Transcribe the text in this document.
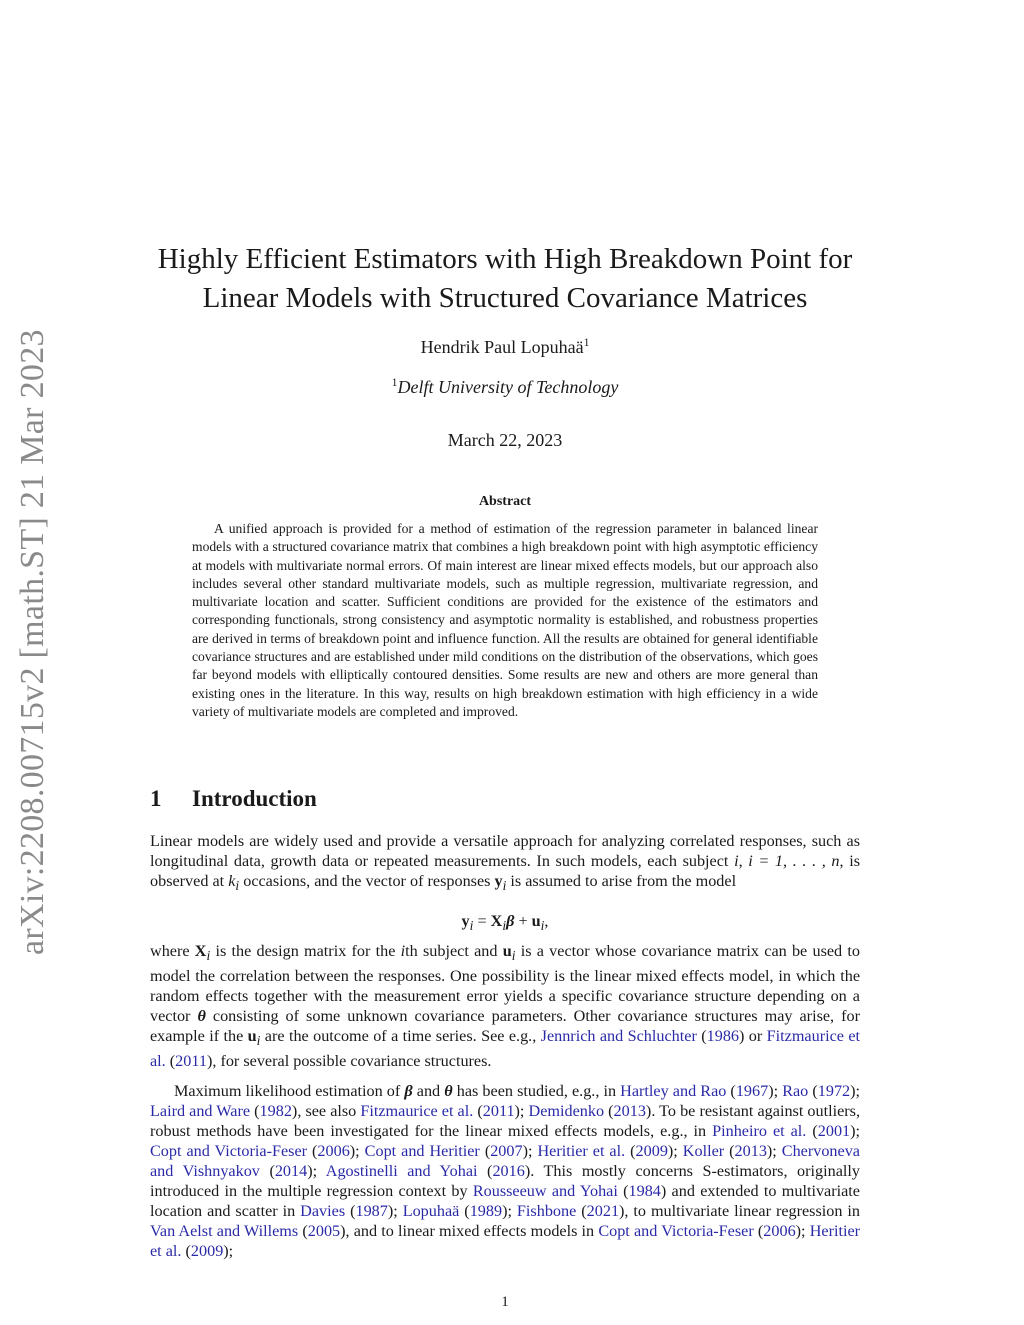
arXiv:2208.00715v2 [math.ST] 21 Mar 2023
Highly Efficient Estimators with High Breakdown Point for
Linear Models with Structured Covariance Matrices
Hendrik Paul Lopuhaä$^1$
$^1$Delft University of Technology
March 22, 2023
Abstract
A unified approach is provided for a method of estimation of the regression parameter in balanced linear models with a structured covariance matrix that combines a high breakdown point with high asymptotic efficiency at models with multivariate normal errors. Of main interest are linear mixed effects models, but our approach also includes several other standard multivariate models, such as multiple regression, multivariate regression, and multivariate location and scatter. Sufficient conditions are provided for the existence of the estimators and corresponding functionals, strong consistency and asymptotic normality is established, and robustness properties are derived in terms of breakdown point and influence function. All the results are obtained for general identifiable covariance structures and are established under mild conditions on the distribution of the observations, which goes far beyond models with elliptically contoured densities. Some results are new and others are more general than existing ones in the literature. In this way, results on high breakdown estimation with high efficiency in a wide variety of multivariate models are completed and improved.
1 Introduction
Linear models are widely used and provide a versatile approach for analyzing correlated responses, such as longitudinal data, growth data or repeated measurements. In such models, each subject i, i = 1, . . . , n, is observed at $k_i$ occasions, and the vector of responses $y_i$ is assumed to arise from the model
$y_i = X_i\beta + u_i$,
where $X_i$ is the design matrix for the ith subject and $u_i$ is a vector whose covariance matrix can be used to model the correlation between the responses. One possibility is the linear mixed effects model, in which the random effects together with the measurement error yields a specific covariance structure depending on a vector θ consisting of some unknown covariance parameters. Other covariance structures may arise, for example if the $u_i$ are the outcome of a time series. See e.g., Jennrich and Schluchter (1986) or Fitzmaurice et al. (2011), for several possible covariance structures.
Maximum likelihood estimation of β and θ has been studied, e.g., in Hartley and Rao (1967); Rao (1972); Laird and Ware (1982), see also Fitzmaurice et al. (2011); Demidenko (2013). To be resistant against outliers, robust methods have been investigated for the linear mixed effects models, e.g., in Pinheiro et al. (2001); Copt and Victoria-Feser (2006); Copt and Heritier (2007); Heritier et al. (2009); Koller (2013); Chervoneva and Vishnyakov (2014); Agostinelli and Yohai (2016). This mostly concerns S-estimators, originally introduced in the multiple regression context by Rousseeuw and Yohai (1984) and extended to multivariate location and scatter in Davies (1987); Lopuhaä (1989); Fishbone (2021), to multivariate linear regression in Van Aelst and Willems (2005), and to linear mixed effects models in Copt and Victoria-Feser (2006); Heritier et al. (2009);
1
